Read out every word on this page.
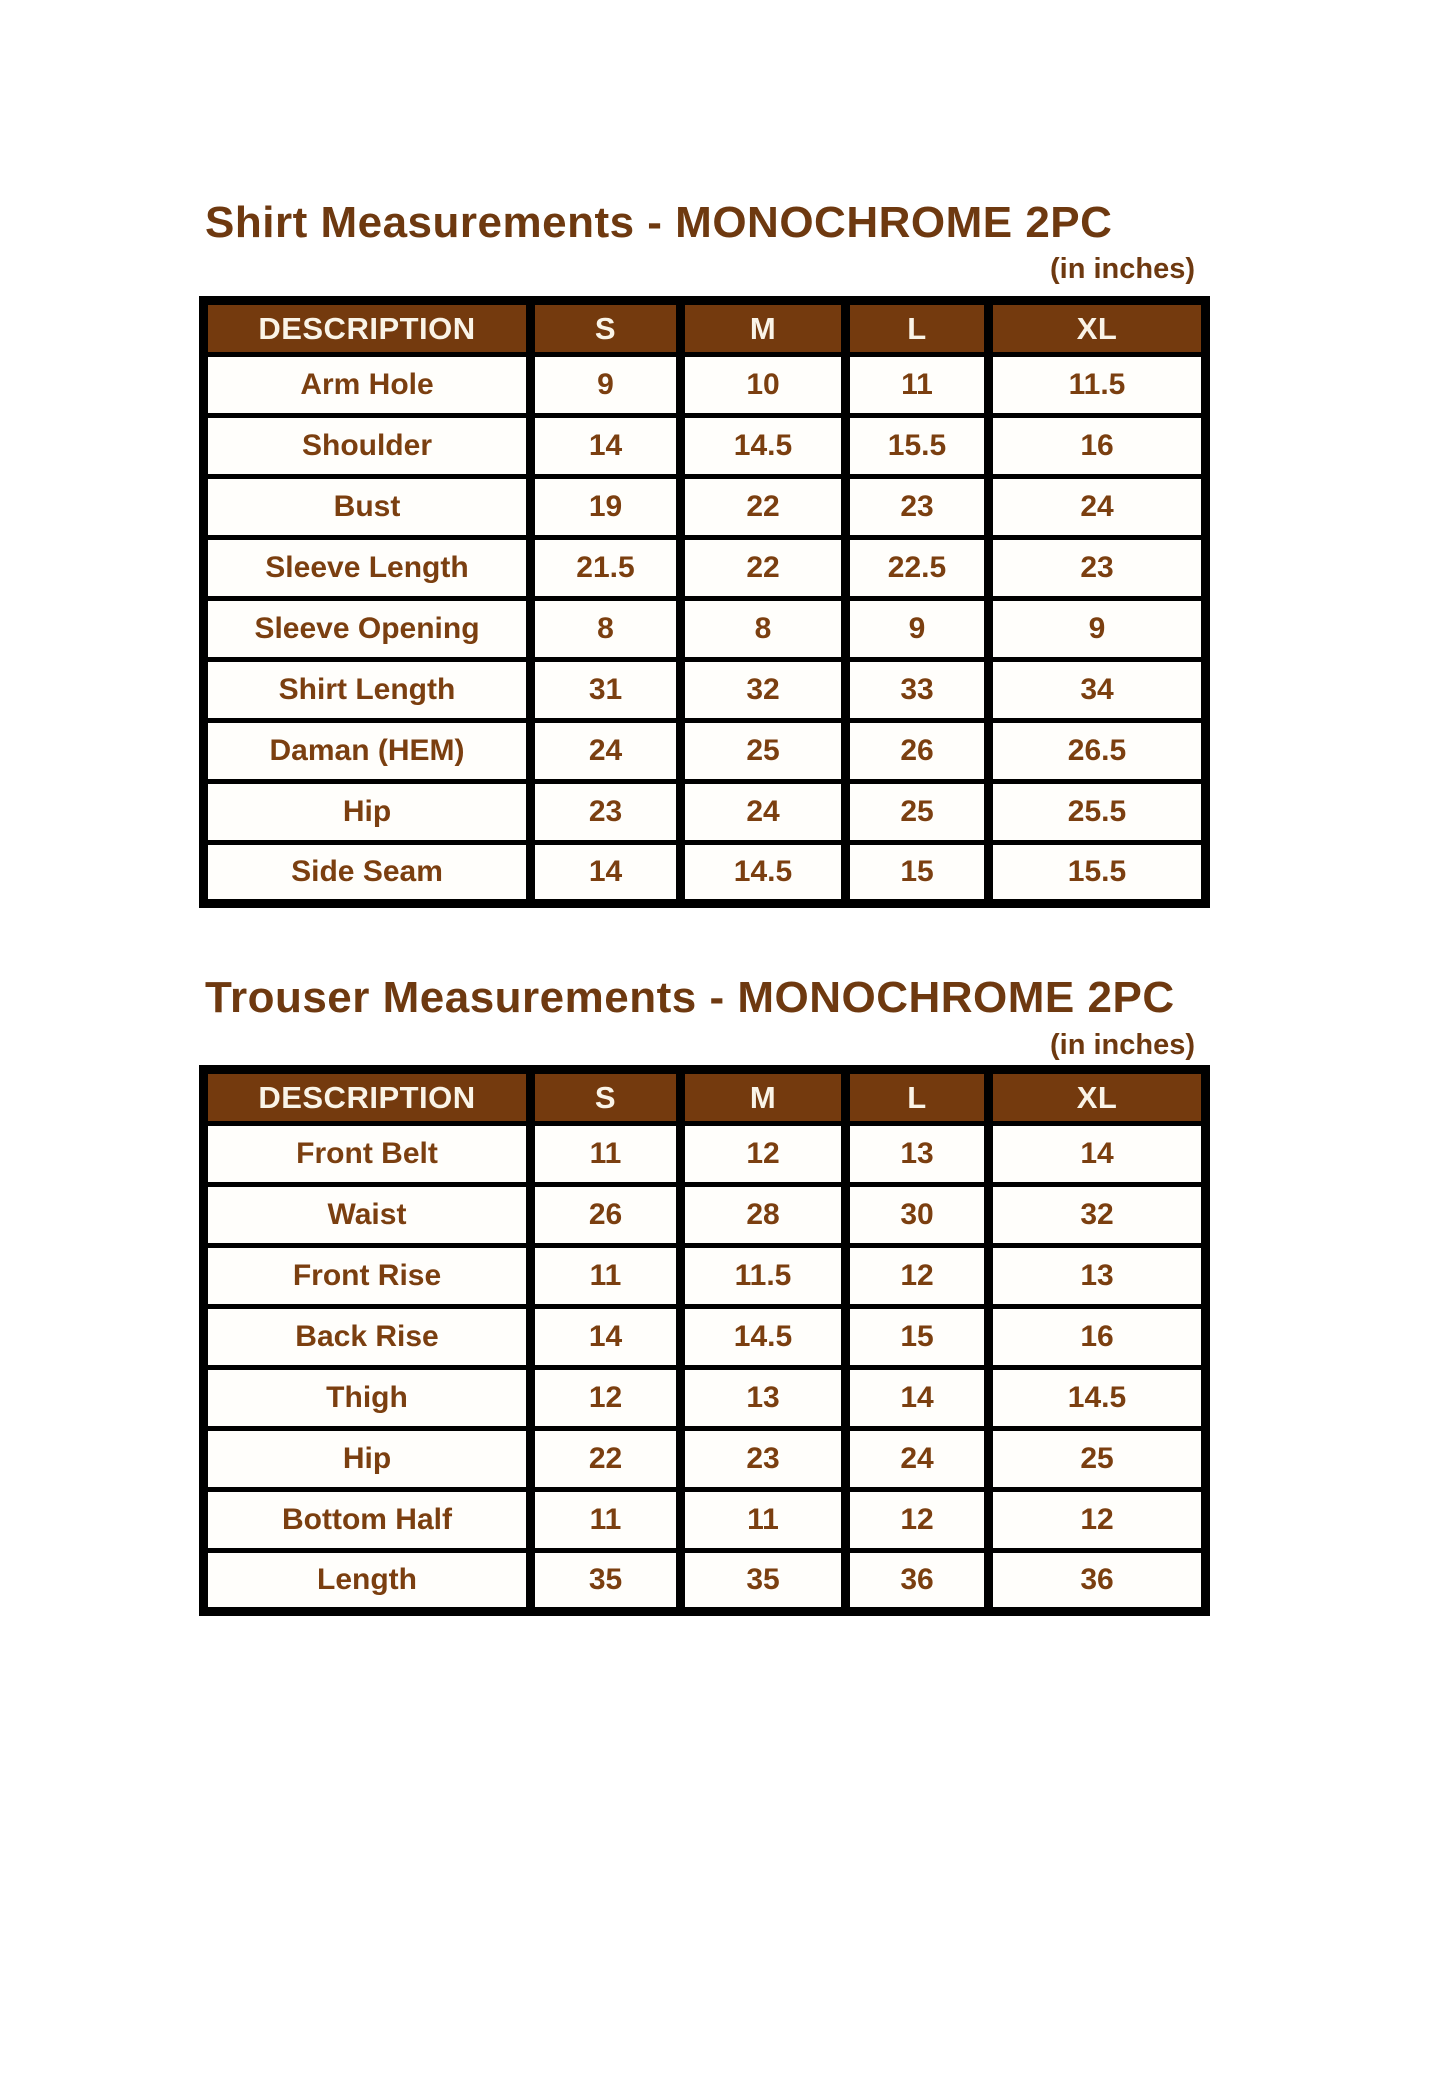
Shirt Measurements - MONOCHROME 2PC
(in inches)
DESCRIPTION	S	M	L	XL
Arm Hole	9	10	11	11.5
Shoulder	14	14.5	15.5	16
Bust	19	22	23	24
Sleeve Length	21.5	22	22.5	23
Sleeve Opening	8	8	9	9
Shirt Length	31	32	33	34
Daman (HEM)	24	25	26	26.5
Hip	23	24	25	25.5
Side Seam	14	14.5	15	15.5
Trouser Measurements - MONOCHROME 2PC
(in inches)
DESCRIPTION	S	M	L	XL
Front Belt	11	12	13	14
Waist	26	28	30	32
Front Rise	11	11.5	12	13
Back Rise	14	14.5	15	16
Thigh	12	13	14	14.5
Hip	22	23	24	25
Bottom Half	11	11	12	12
Length	35	35	36	36
